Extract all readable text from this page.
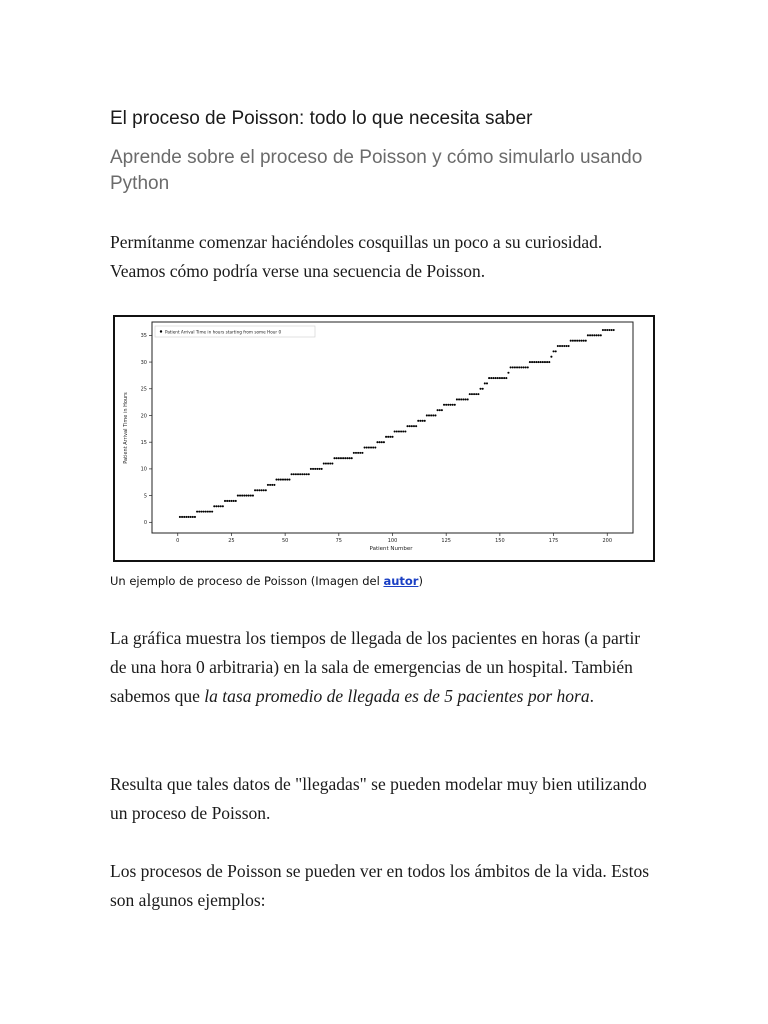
El proceso de Poisson: todo lo que necesita saber
Aprende sobre el proceso de Poisson y cómo simularlo usando Python

Permítanme comenzar haciéndoles cosquillas un poco a su curiosidad. Veamos cómo podría verse una secuencia de Poisson.

0	25	50	75	100	125	150	175	200
0
5
10
15
20
25
30
35
Patient Arrival Time in hours starting from some Hour 0
Patient Number
Patient Arrival Time in Hours
Un ejemplo de proceso de Poisson (Imagen del autor)

La gráfica muestra los tiempos de llegada de los pacientes en horas (a partir de una hora 0 arbitraria) en la sala de emergencias de un hospital. También sabemos que la tasa promedio de llegada es de 5 pacientes por hora.

Resulta que tales datos de "llegadas" se pueden modelar muy bien utilizando un proceso de Poisson.

Los procesos de Poisson se pueden ver en todos los ámbitos de la vida. Estos son algunos ejemplos:
